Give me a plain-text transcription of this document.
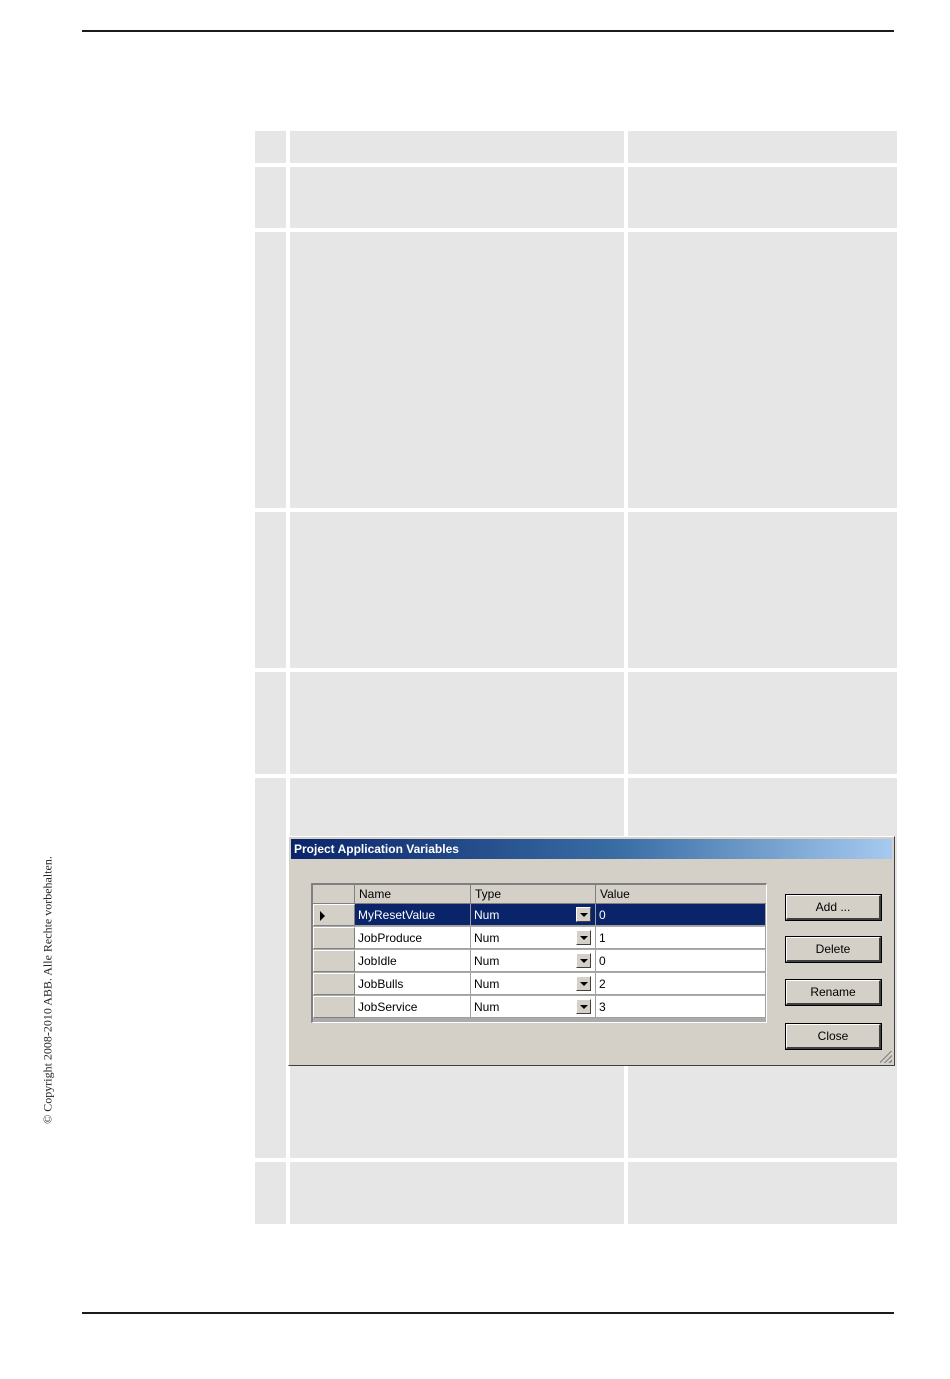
© Copyright 2008-2010 ABB. Alle Rechte vorbehalten.
Project Application Variables
Name	Type	Value
MyResetValue	Num	0
JobProduce	Num	1
JobIdle	Num	0
JobBulls	Num	2
JobService	Num	3
Add ...
Delete
Rename
Close
